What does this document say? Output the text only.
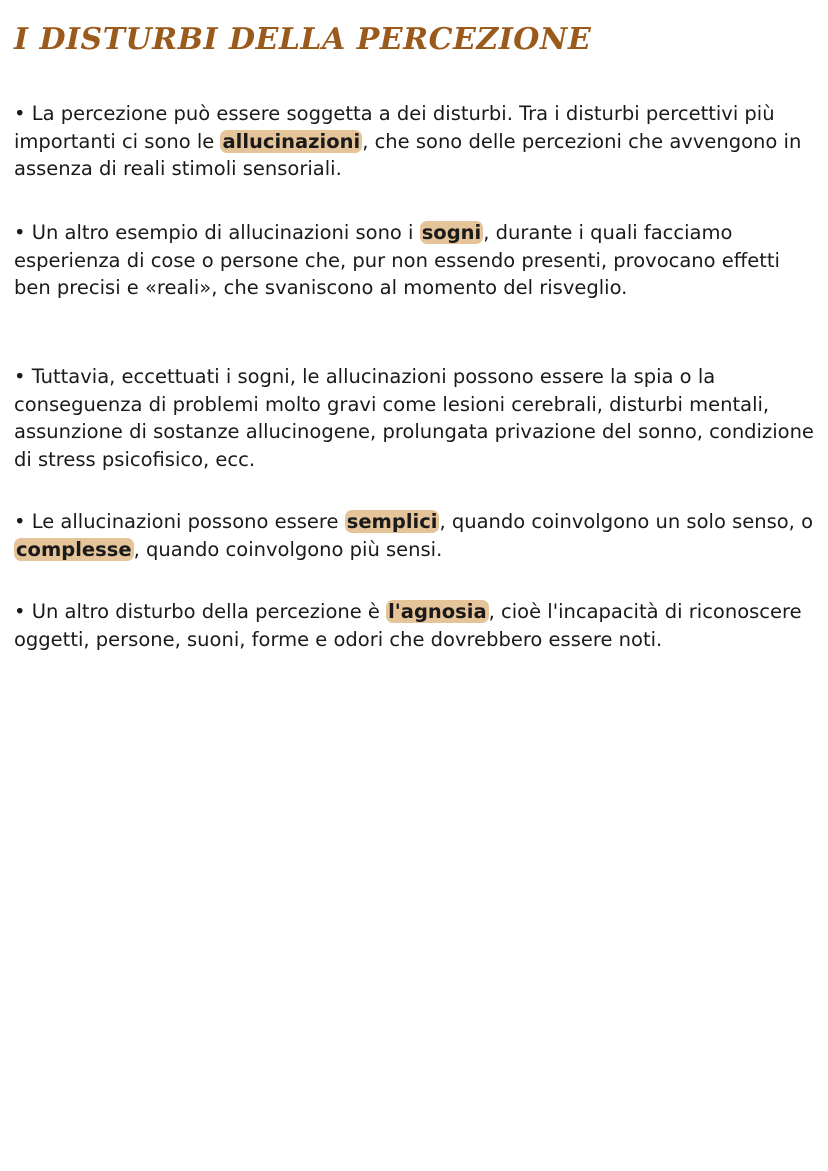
I DISTURBI DELLA PERCEZIONE

• La percezione può essere soggetta a dei disturbi. Tra i disturbi percettivi più importanti ci sono le allucinazioni , che sono delle percezioni che avvengono in assenza di reali stimoli sensoriali.

• Un altro esempio di allucinazioni sono i sogni , durante i quali facciamo esperienza di cose o persone che, pur non essendo presenti, provocano effetti ben precisi e «reali», che svaniscono al momento del risveglio.

• Tuttavia, eccettuati i sogni, le allucinazioni possono essere la spia o la conseguenza di problemi molto gravi come lesioni cerebrali, disturbi mentali, assunzione di sostanze allucinogene, prolungata privazione del sonno, condizione di stress psicofisico, ecc.

• Le allucinazioni possono essere semplici , quando coinvolgono un solo senso, o complesse , quando coinvolgono più sensi.

• Un altro disturbo della percezione è l'agnosia , cioè l'incapacità di riconoscere oggetti, persone, suoni, forme e odori che dovrebbero essere noti.
